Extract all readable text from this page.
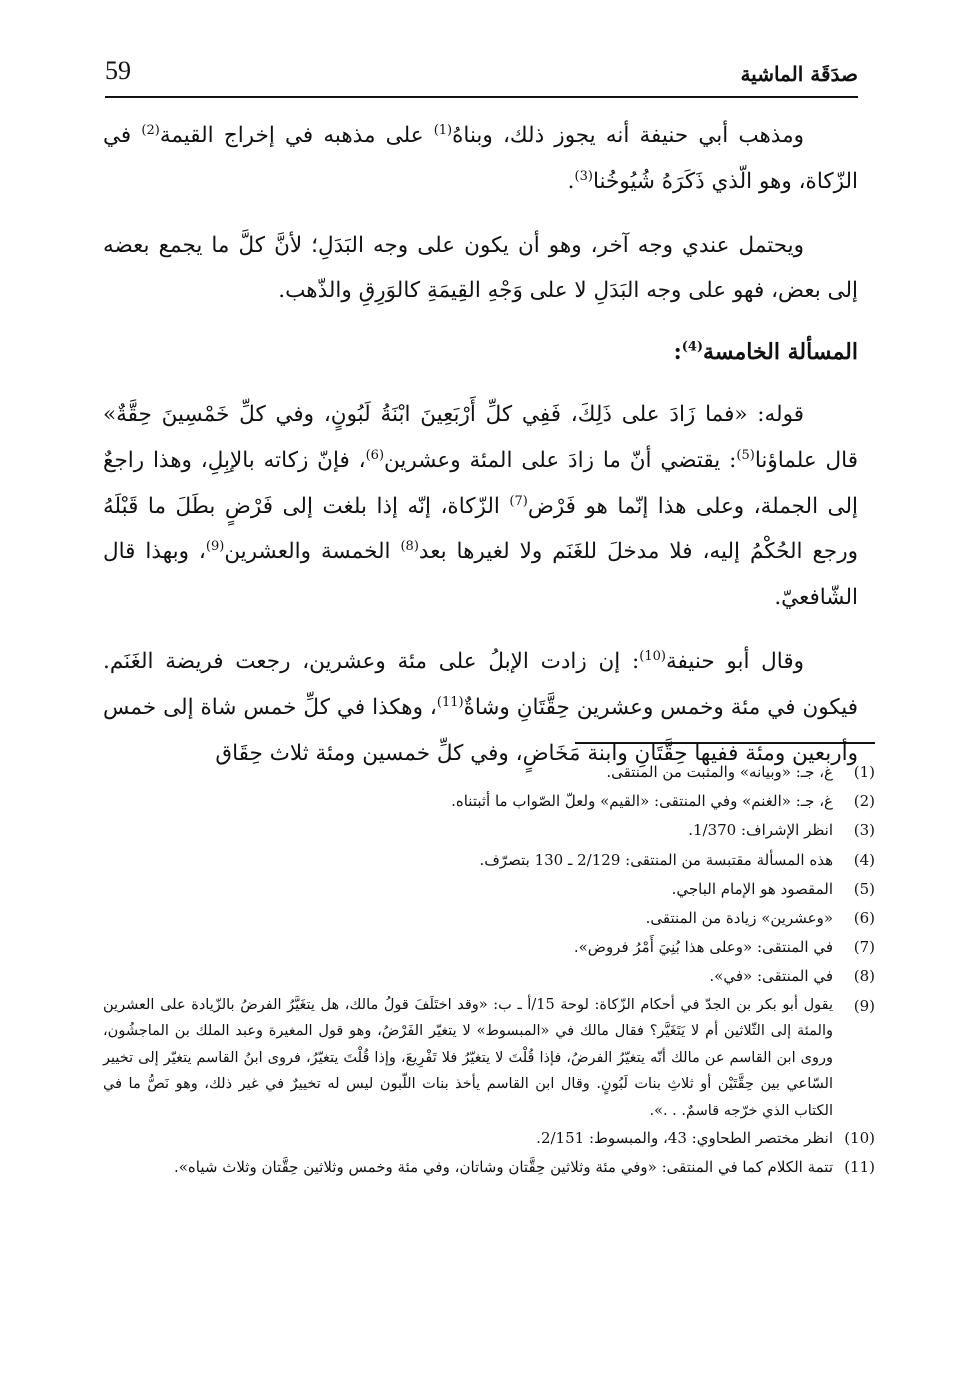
صدَقَة الماشية
59

ومذهب أبي حنيفة أنه يجوز ذلك، وبناهُ$^{(1)}$ على مذهبه في إخراج القيمة$^{(2)}$ في الزّكاة، وهو الّذي ذَكَرَهُ شُيُوخُنا$^{(3)}$.

ويحتمل عندي وجه آخر، وهو أن يكون على وجه البَدَلِ؛ لأنَّ كلَّ ما يجمع بعضه إلى بعض، فهو على وجه البَدَلِ لا على وَجْهِ القِيمَةِ كالوَرِقِ والذّهب.

المسألة الخامسة$^{(4)}$:

قوله: «فما زَادَ على ذَلِكَ، فَفِي كلِّ أَرْبَعِينَ ابْنَةُ لَبُونٍ، وفي كلِّ خَمْسِينَ حِقَّةٌ» قال علماؤنا$^{(5)}$: يقتضي أنّ ما زادَ على المئة وعشرين$^{(6)}$، فإنّ زكاته بالإبِلِ، وهذا راجعٌ إلى الجملة، وعلى هذا إنّما هو فَرْض$^{(7)}$ الزّكاة، إنّه إذا بلغت إلى فَرْضٍ بطَلَ ما قَبْلَهُ ورجع الحُكْمُ إليه، فلا مدخلَ للغَنَم ولا لغيرها بعد$^{(8)}$ الخمسة والعشرين$^{(9)}$، وبهذا قال الشّافعيّ.

وقال أبو حنيفة$^{(10)}$: إن زادت الإبلُ على مئة وعشرين، رجعت فريضة الغَنَم. فيكون في مئة وخمس وعشرين حِقَّتَانِ وشاةٌ$^{(11)}$، وهكذا في كلِّ خمس شاة إلى خمس وأربعين ومئة ففيها حِقَّتَانِ وابنة مَخَاضٍ، وفي كلِّ خمسين ومئة ثلاث حِقَاق

(1)
غ، جـ: «وبيانه» والمثبت من المنتقى.
(2)
غ، جـ: «الغنم» وفي المنتقى: «القيم» ولعلّ الصّواب ما أثبتناه.
(3)
انظر الإشراف: 1/370.
(4)
هذه المسألة مقتبسة من المنتقى: 2/129 ـ 130 بتصرّف.
(5)
المقصود هو الإمام الباجي.
(6)
«وعشرين» زيادة من المنتقى.
(7)
في المنتقى: «وعلى هذا بُنِيَ أَمْرُ فروض».
(8)
في المنتقى: «في».
(9)
يقول أبو بكر بن الجدّ في أحكام الزّكاة: لوحة 15/أ ـ ب: «وقد اختَلَفَ قولُ مالك، هل يتغَيَّرُ الفرضُ بالزّيادة على العشرين والمئة إلى الثّلاثين أم لا يَتَغَيَّر؟ فقال مالك في «المبسوط» لا يتغيّر الفَرْضُ، وهو قول المغيرة وعبد الملك بن الماجشُون، وروى ابن القاسم عن مالك أنّه يتغيّرُ الفرضُ، فإذا قُلْتَ لا يتغيّرُ فلا تَفْرِيعَ، وإذا قُلْتَ يتغيّرُ، فروى ابنُ القاسم يتغيّر إلى تخيير السّاعي بين حِقَّتَيْن أو ثلاثِ بنات لَبُونٍ. وقال ابن القاسم يأخذ بنات اللّبون ليس له تخييرٌ في غير ذلك، وهو نَصُّ ما في الكتاب الذي خرّجه قاسمٌ. . .».
(10)
انظر مختصر الطحاوي: 43، والمبسوط: 2/151.
(11)
تتمة الكلام كما في المنتقى: «وفي مئة وثلاثين حِقَّتان وشاتان، وفي مئة وخمس وثلاثين حِقَّتان وثلاث شياه».
